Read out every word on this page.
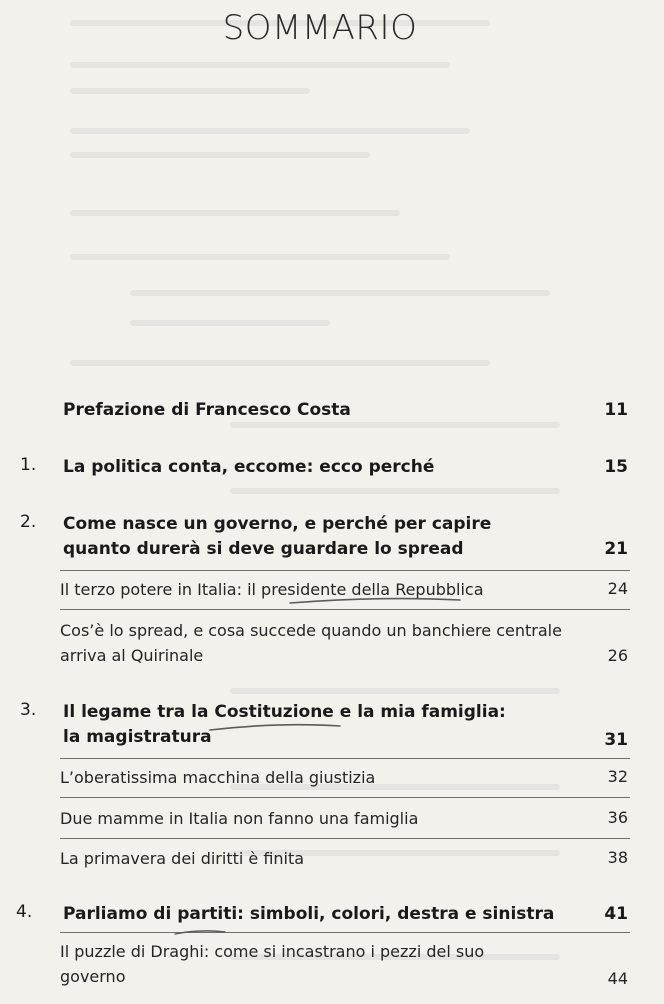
SOMMARIO
Prefazione di Francesco Costa	11
1. La politica conta, eccome: ecco perché	15
2. Come nasce un governo, e perché per capire quanto durerà si deve guardare lo spread	21
Il terzo potere in Italia: il presidente della Repubblica	24
Cos’è lo spread, e cosa succede quando un banchiere centrale arriva al Quirinale	26
3. Il legame tra la Costituzione e la mia famiglia: la magistratura	31
L’oberatissima macchina della giustizia	32
Due mamme in Italia non fanno una famiglia	36
La primavera dei diritti è finita	38
4. Parliamo di partiti: simboli, colori, destra e sinistra	41
Il puzzle di Draghi: come si incastrano i pezzi del suo governo	44
